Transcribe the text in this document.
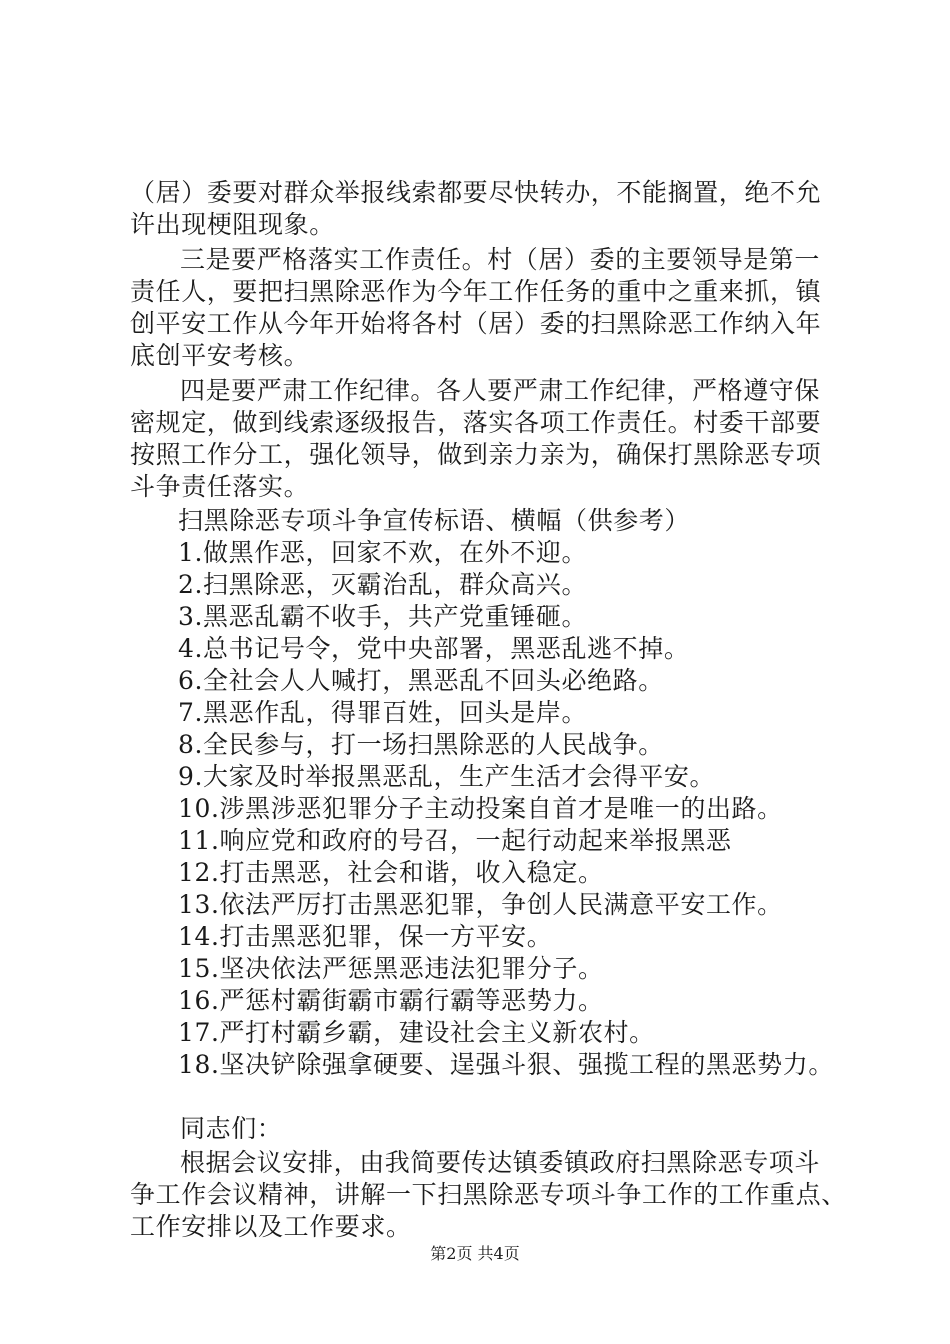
（居）委要对群众举报线索都要尽快转办，不能搁置，绝不允
许出现梗阻现象。
三是要严格落实工作责任。村（居）委的主要领导是第一
责任人，要把扫黑除恶作为今年工作任务的重中之重来抓，镇
创平安工作从今年开始将各村（居）委的扫黑除恶工作纳入年
底创平安考核。
四是要严肃工作纪律。各人要严肃工作纪律，严格遵守保
密规定，做到线索逐级报告，落实各项工作责任。村委干部要
按照工作分工，强化领导，做到亲力亲为，确保打黑除恶专项
斗争责任落实。
扫黑除恶专项斗争宣传标语、横幅（供参考）
1.做黑作恶，回家不欢，在外不迎。
2.扫黑除恶，灭霸治乱，群众高兴。
3.黑恶乱霸不收手，共产党重锤砸。
4.总书记号令，党中央部署，黑恶乱逃不掉。
6.全社会人人喊打，黑恶乱不回头必绝路。
7.黑恶作乱，得罪百姓，回头是岸。
8.全民参与，打一场扫黑除恶的人民战争。
9.大家及时举报黑恶乱，生产生活才会得平安。
10.涉黑涉恶犯罪分子主动投案自首才是唯一的出路。
11.响应党和政府的号召，一起行动起来举报黑恶
12.打击黑恶，社会和谐，收入稳定。
13.依法严厉打击黑恶犯罪，争创人民满意平安工作。
14.打击黑恶犯罪，保一方平安。
15.坚决依法严惩黑恶违法犯罪分子。
16.严惩村霸街霸市霸行霸等恶势力。
17.严打村霸乡霸，建设社会主义新农村。
18.坚决铲除强拿硬要、逞强斗狠、强揽工程的黑恶势力。
同志们：
根据会议安排，由我简要传达镇委镇政府扫黑除恶专项斗
争工作会议精神，讲解一下扫黑除恶专项斗争工作的工作重点、
工作安排以及工作要求。
第2页 共4页
